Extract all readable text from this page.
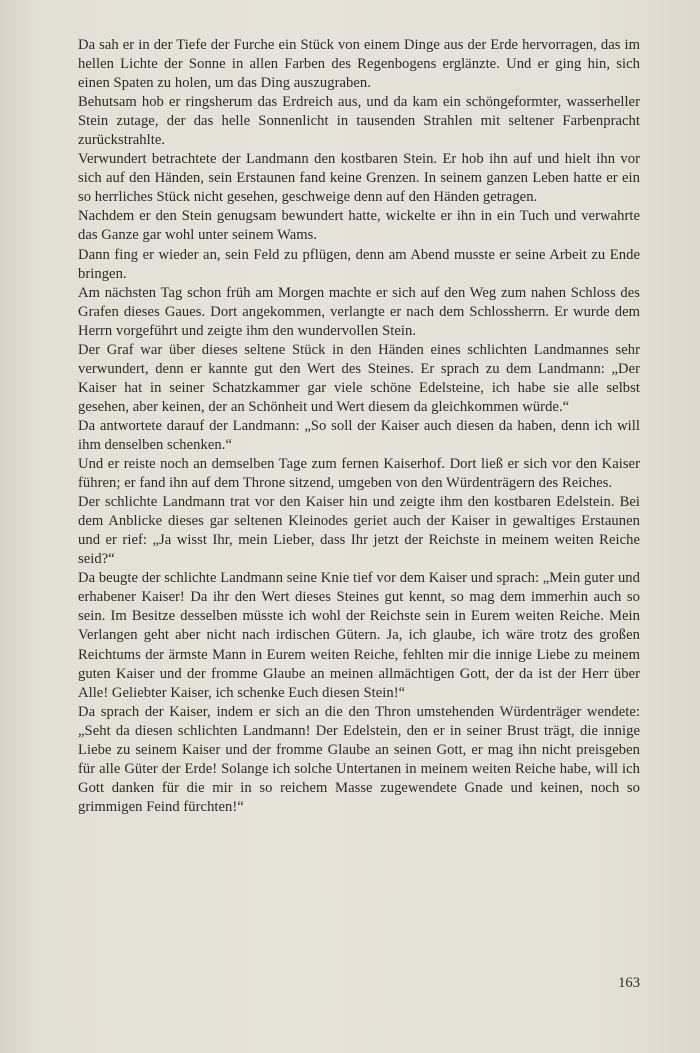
Da sah er in der Tiefe der Furche ein Stück von einem Dinge aus der Erde hervorragen, das im hellen Lichte der Sonne in allen Farben des Regenbogens erglänzte. Und er ging hin, sich einen Spaten zu holen, um das Ding auszugraben.

Behutsam hob er ringsherum das Erdreich aus, und da kam ein schöngeformter, wasserheller Stein zutage, der das helle Sonnenlicht in tausenden Strahlen mit seltener Farbenpracht zurückstrahlte.

Verwundert betrachtete der Landmann den kostbaren Stein. Er hob ihn auf und hielt ihn vor sich auf den Händen, sein Erstaunen fand keine Grenzen. In seinem ganzen Leben hatte er ein so herrliches Stück nicht gesehen, geschweige denn auf den Händen getragen.

Nachdem er den Stein genugsam bewundert hatte, wickelte er ihn in ein Tuch und verwahrte das Ganze gar wohl unter seinem Wams.

Dann fing er wieder an, sein Feld zu pflügen, denn am Abend musste er seine Arbeit zu Ende bringen.

Am nächsten Tag schon früh am Morgen machte er sich auf den Weg zum nahen Schloss des Grafen dieses Gaues. Dort angekommen, verlangte er nach dem Schlossherrn. Er wurde dem Herrn vorgeführt und zeigte ihm den wundervollen Stein.

Der Graf war über dieses seltene Stück in den Händen eines schlichten Landmannes sehr verwundert, denn er kannte gut den Wert des Steines. Er sprach zu dem Landmann: „Der Kaiser hat in seiner Schatzkammer gar viele schöne Edelsteine, ich habe sie alle selbst gesehen, aber keinen, der an Schönheit und Wert diesem da gleichkommen würde.“

Da antwortete darauf der Landmann: „So soll der Kaiser auch diesen da haben, denn ich will ihm denselben schenken.“

Und er reiste noch an demselben Tage zum fernen Kaiserhof. Dort ließ er sich vor den Kaiser führen; er fand ihn auf dem Throne sitzend, umgeben von den Würdenträgern des Reiches.

Der schlichte Landmann trat vor den Kaiser hin und zeigte ihm den kostbaren Edelstein. Bei dem Anblicke dieses gar seltenen Kleinodes geriet auch der Kaiser in gewaltiges Erstaunen und er rief: „Ja wisst Ihr, mein Lieber, dass Ihr jetzt der Reichste in meinem weiten Reiche seid?“

Da beugte der schlichte Landmann seine Knie tief vor dem Kaiser und sprach: „Mein guter und erhabener Kaiser! Da ihr den Wert dieses Steines gut kennt, so mag dem immerhin auch so sein. Im Besitze desselben müsste ich wohl der Reichste sein in Eurem weiten Reiche. Mein Verlangen geht aber nicht nach irdischen Gütern. Ja, ich glaube, ich wäre trotz des großen Reichtums der ärmste Mann in Eurem weiten Reiche, fehlten mir die innige Liebe zu meinem guten Kaiser und der fromme Glaube an meinen allmächtigen Gott, der da ist der Herr über Alle! Geliebter Kaiser, ich schenke Euch diesen Stein!“

Da sprach der Kaiser, indem er sich an die den Thron umstehenden Würdenträger wendete: „Seht da diesen schlichten Landmann! Der Edelstein, den er in seiner Brust trägt, die innige Liebe zu seinem Kaiser und der fromme Glaube an seinen Gott, er mag ihn nicht preisgeben für alle Güter der Erde! Solange ich solche Untertanen in meinem weiten Reiche habe, will ich Gott danken für die mir in so reichem Masse zugewendete Gnade und keinen, noch so grimmigen Feind fürchten!“

163
